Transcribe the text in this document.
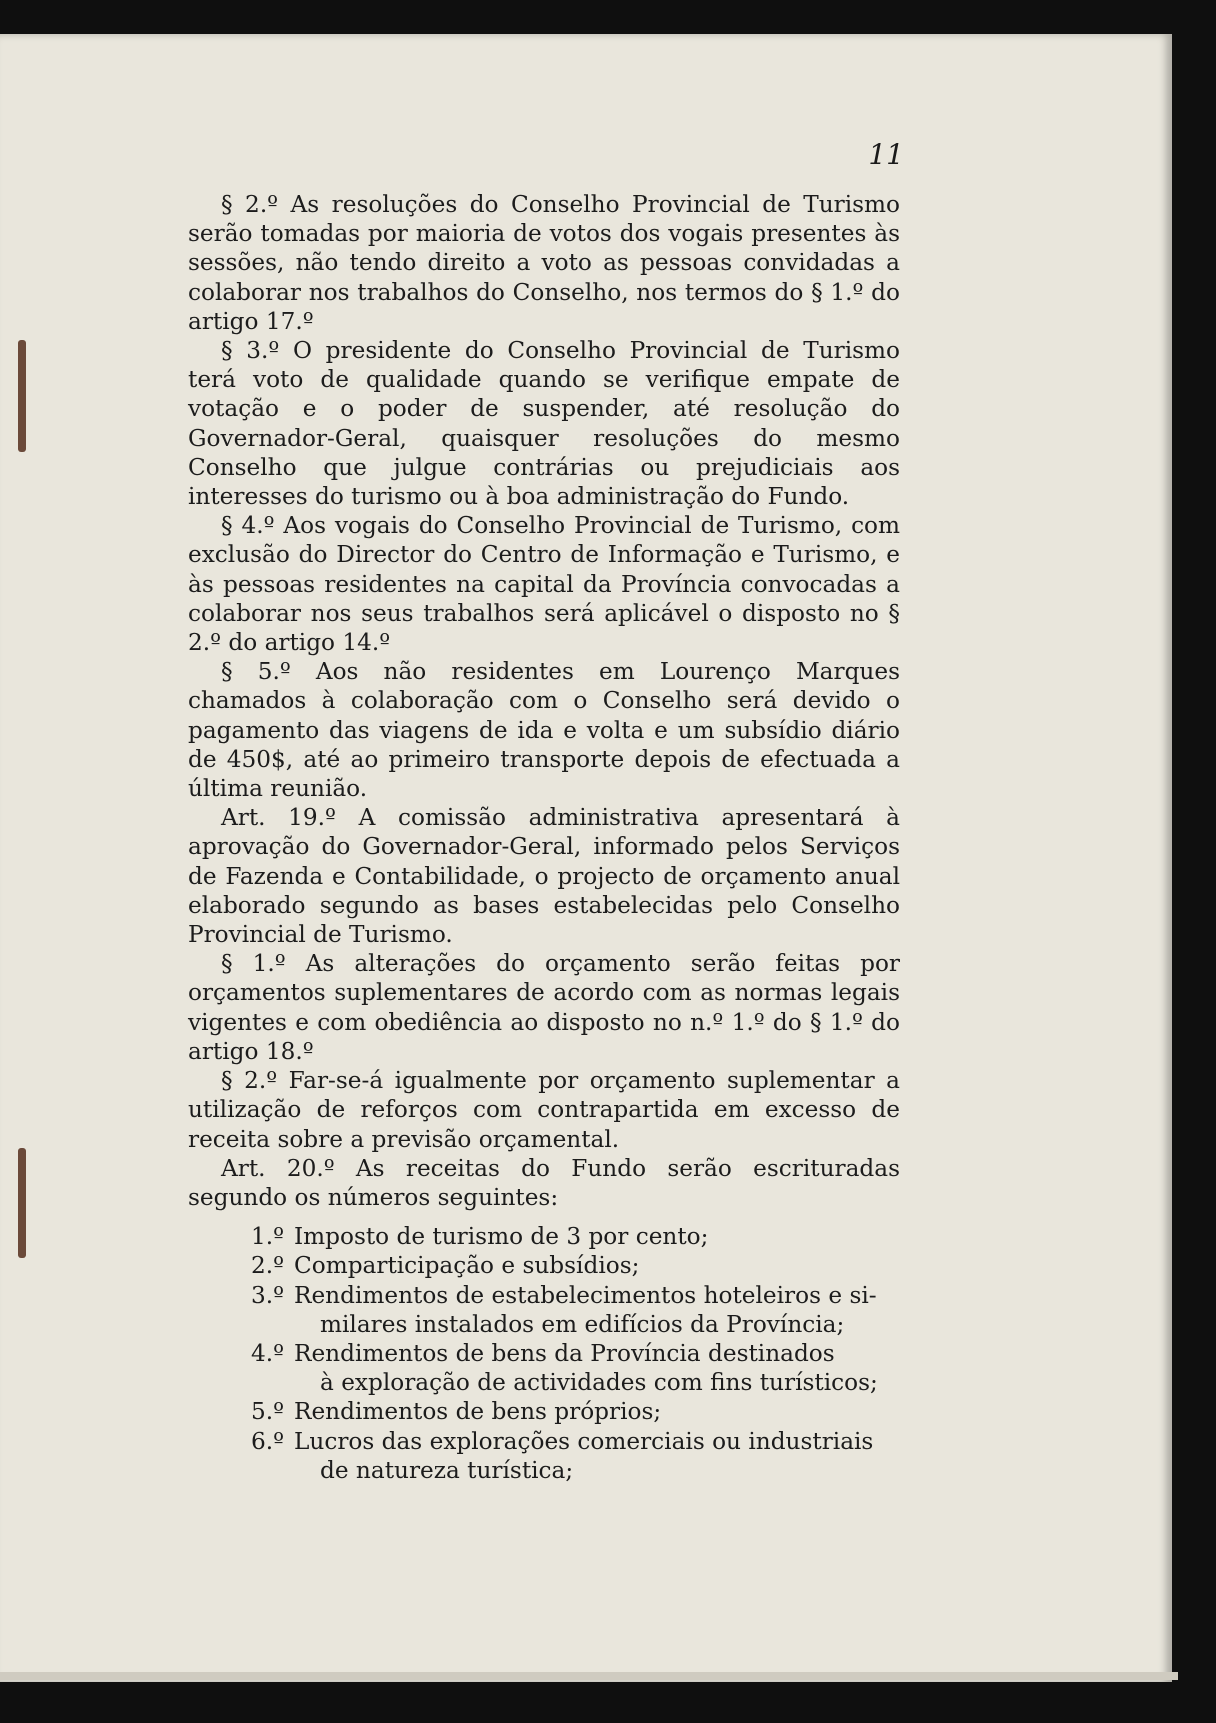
11

§ 2.º As resoluções do Conselho Provincial de Turismo serão tomadas por maioria de votos dos vogais presentes às sessões, não tendo direito a voto as pessoas convidadas a colaborar nos trabalhos do Conselho, nos termos do § 1.º do artigo 17.º

§ 3.º O presidente do Conselho Provincial de Turismo terá voto de qualidade quando se verifique empate de votação e o poder de suspender, até resolução do Governador-Geral, quaisquer resoluções do mesmo Conselho que julgue contrárias ou prejudiciais aos interesses do turismo ou à boa administração do Fundo.

§ 4.º Aos vogais do Conselho Provincial de Turismo, com exclusão do Director do Centro de Informação e Turismo, e às pessoas residentes na capital da Província convocadas a colaborar nos seus trabalhos será aplicável o disposto no § 2.º do artigo 14.º

§ 5.º Aos não residentes em Lourenço Marques chamados à colaboração com o Conselho será devido o pagamento das viagens de ida e volta e um subsídio diário de 450$, até ao primeiro transporte depois de efectuada a última reunião.

Art. 19.º A comissão administrativa apresentará à aprovação do Governador-Geral, informado pelos Serviços de Fazenda e Contabilidade, o projecto de orçamento anual elaborado segundo as bases estabelecidas pelo Conselho Provincial de Turismo.

§ 1.º As alterações do orçamento serão feitas por orçamentos suplementares de acordo com as normas legais vigentes e com obediência ao disposto no n.º 1.º do § 1.º do artigo 18.º

§ 2.º Far-se-á igualmente por orçamento suplementar a utilização de reforços com contrapartida em excesso de receita sobre a previsão orçamental.

Art. 20.º As receitas do Fundo serão escrituradas segundo os números seguintes:

1.º Imposto de turismo de 3 por cento;
2.º Comparticipação e subsídios;
3.º Rendimentos de estabelecimentos hoteleiros e si-
milares instalados em edifícios da Província;
4.º Rendimentos de bens da Província destinados
à exploração de actividades com fins turísticos;
5.º Rendimentos de bens próprios;
6.º Lucros das explorações comerciais ou industriais
de natureza turística;
